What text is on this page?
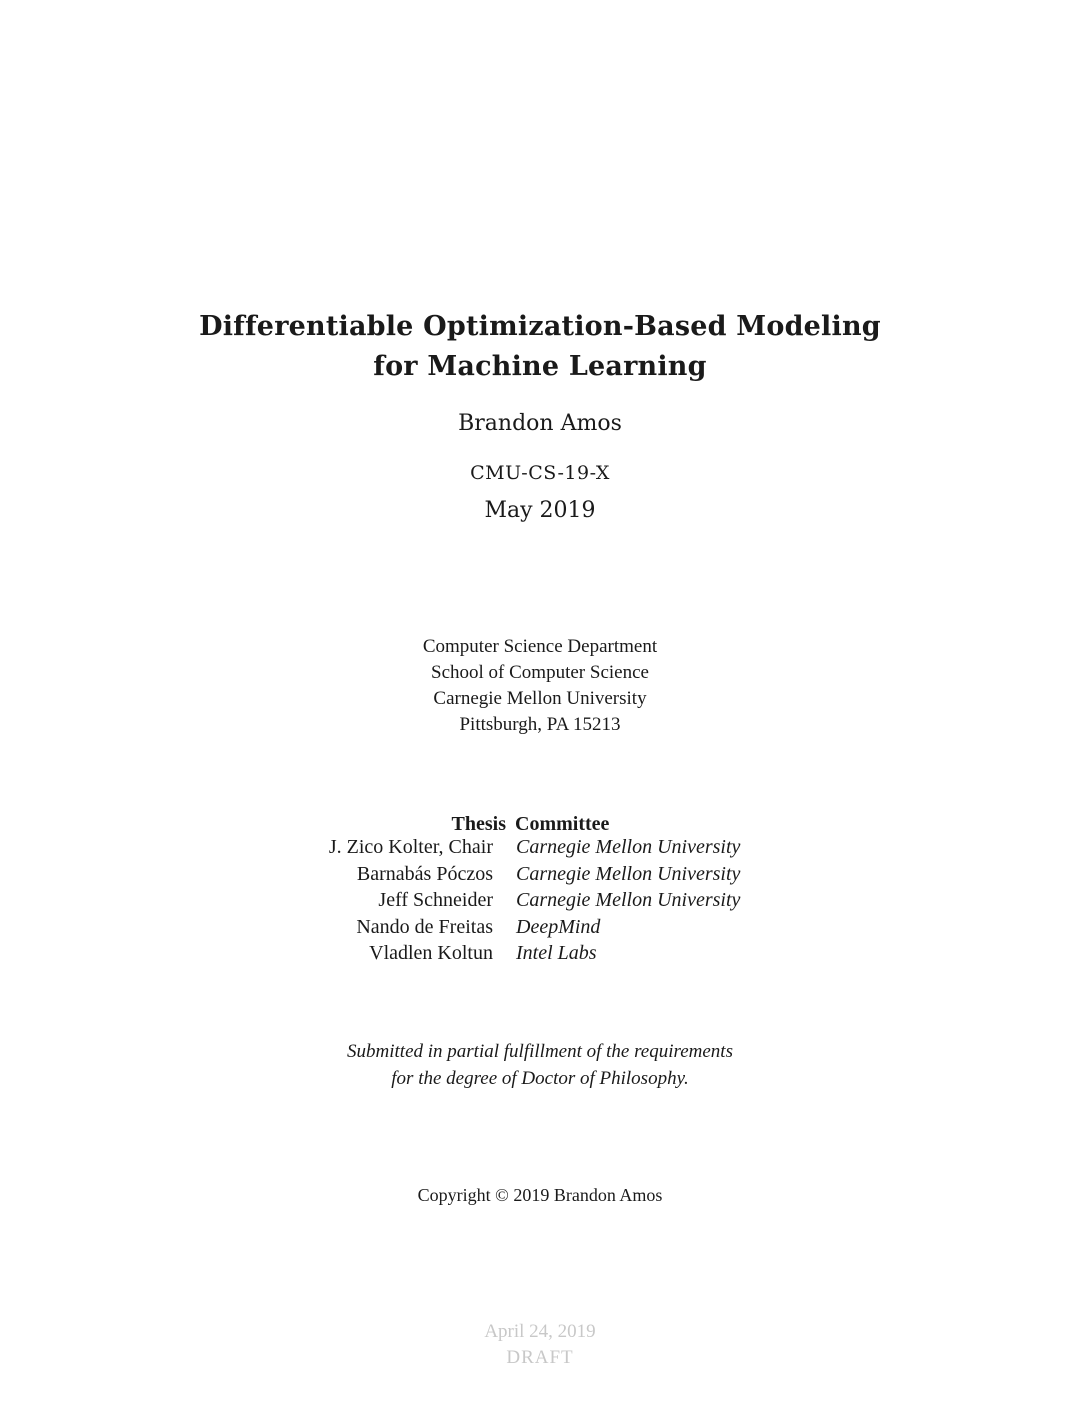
Differentiable Optimization-Based Modeling
for Machine Learning
Brandon Amos
CMU-CS-19-X
May 2019
Computer Science Department
School of Computer Science
Carnegie Mellon University
Pittsburgh, PA 15213
Thesis Committee
J. Zico Kolter, Chair Carnegie Mellon University
Barnabás Póczos Carnegie Mellon University
Jeff Schneider Carnegie Mellon University
Nando de Freitas DeepMind
Vladlen Koltun Intel Labs
Submitted in partial fulfillment of the requirements
for the degree of Doctor of Philosophy.
Copyright © 2019 Brandon Amos
April 24, 2019
DRAFT
